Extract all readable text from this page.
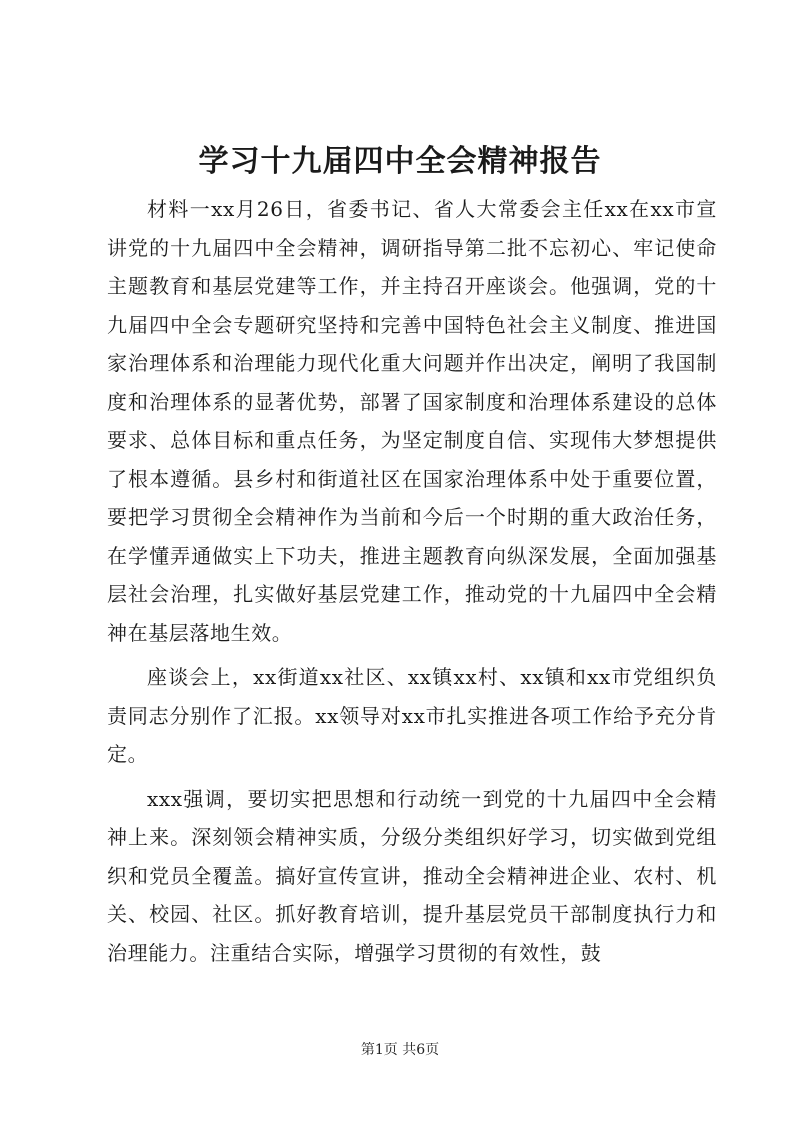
学习十九届四中全会精神报告

材料一xx月26日，省委书记、省人大常委会主任xx在xx市宣讲党的十九届四中全会精神，调研指导第二批不忘初心、牢记使命主题教育和基层党建等工作，并主持召开座谈会。他强调，党的十九届四中全会专题研究坚持和完善中国特色社会主义制度、推进国家治理体系和治理能力现代化重大问题并作出决定，阐明了我国制度和治理体系的显著优势，部署了国家制度和治理体系建设的总体要求、总体目标和重点任务，为坚定制度自信、实现伟大梦想提供了根本遵循。县乡村和街道社区在国家治理体系中处于重要位置，要把学习贯彻全会精神作为当前和今后一个时期的重大政治任务，在学懂弄通做实上下功夫，推进主题教育向纵深发展，全面加强基层社会治理，扎实做好基层党建工作，推动党的十九届四中全会精神在基层落地生效。

座谈会上，xx街道xx社区、xx镇xx村、xx镇和xx市党组织负责同志分别作了汇报。xx领导对xx市扎实推进各项工作给予充分肯定。

xxx强调，要切实把思想和行动统一到党的十九届四中全会精神上来。深刻领会精神实质，分级分类组织好学习，切实做到党组织和党员全覆盖。搞好宣传宣讲，推动全会精神进企业、农村、机关、校园、社区。抓好教育培训，提升基层党员干部制度执行力和治理能力。注重结合实际，增强学习贯彻的有效性，鼓

第1页 共6页
